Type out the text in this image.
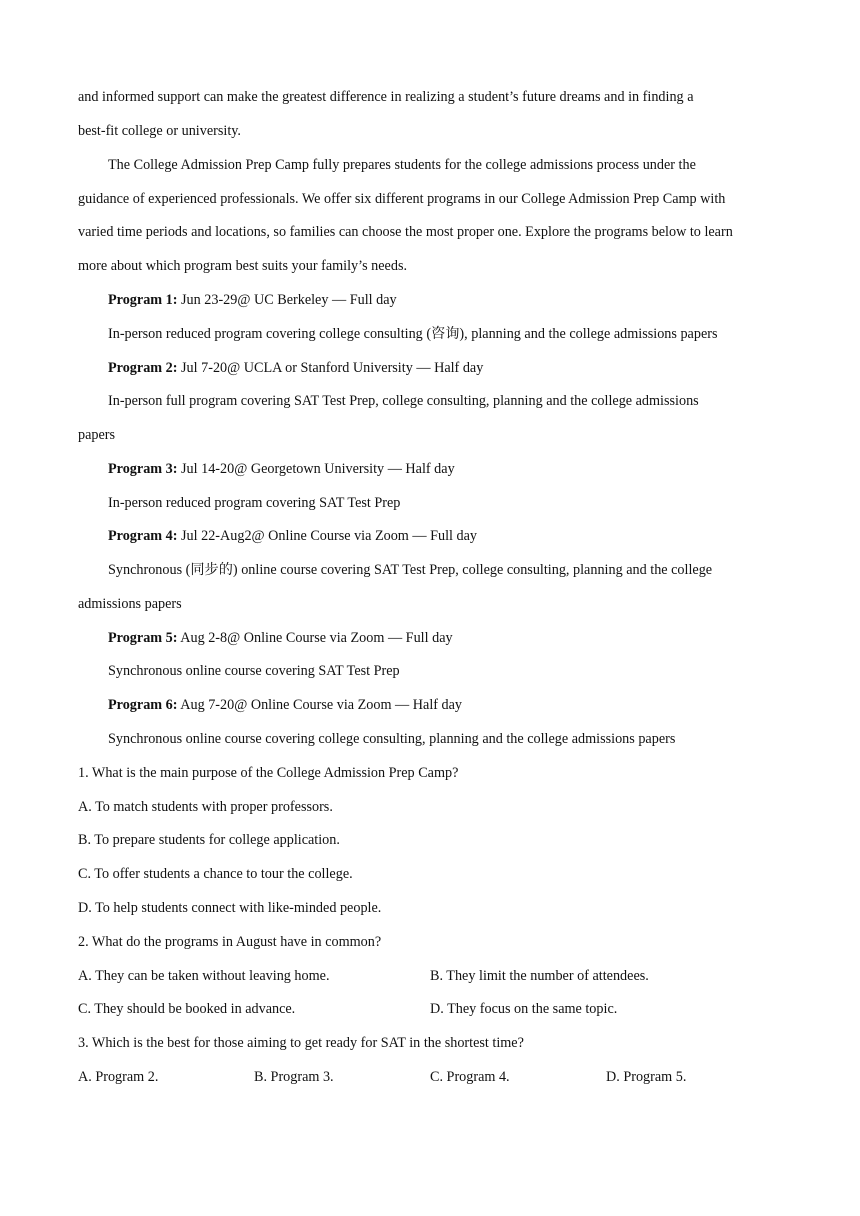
and informed support can make the greatest difference in realizing a student’s future dreams and in finding a
best-fit college or university.
The College Admission Prep Camp fully prepares students for the college admissions process under the
guidance of experienced professionals. We offer six different programs in our College Admission Prep Camp with
varied time periods and locations, so families can choose the most proper one. Explore the programs below to learn
more about which program best suits your family’s needs.
Program 1: Jun 23-29@ UC Berkeley — Full day
In-person reduced program covering college consulting (咨询), planning and the college admissions papers
Program 2: Jul 7-20@ UCLA or Stanford University — Half day
In-person full program covering SAT Test Prep, college consulting, planning and the college admissions
papers
Program 3: Jul 14-20@ Georgetown University — Half day
In-person reduced program covering SAT Test Prep
Program 4: Jul 22-Aug2@ Online Course via Zoom — Full day
Synchronous (同步的) online course covering SAT Test Prep, college consulting, planning and the college
admissions papers
Program 5: Aug 2-8@ Online Course via Zoom — Full day
Synchronous online course covering SAT Test Prep
Program 6: Aug 7-20@ Online Course via Zoom — Half day
Synchronous online course covering college consulting, planning and the college admissions papers
1. What is the main purpose of the College Admission Prep Camp?
A. To match students with proper professors.
B. To prepare students for college application.
C. To offer students a chance to tour the college.
D. To help students connect with like-minded people.
2. What do the programs in August have in common?
A. They can be taken without leaving home.	B. They limit the number of attendees.
C. They should be booked in advance.	D. They focus on the same topic.
3. Which is the best for those aiming to get ready for SAT in the shortest time?
A. Program 2.	B. Program 3.	C. Program 4.	D. Program 5.
